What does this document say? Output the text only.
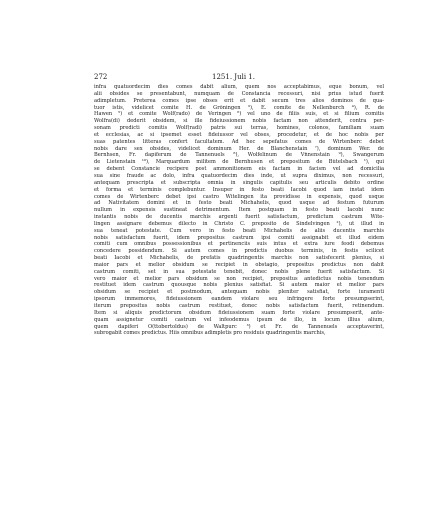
272	1251. Juli 1.
infra quatuordecim dies comes dabit alium, quem nos acceptabimus, eque bonum, vel
alii obsides se presentabunt, numquam de Constancia recessuri, nisi prius istud fuerit
adimpletum. Preterea comes ipse obses erit et dabit secum tres alios dominos de qua-
tuor istis, videlicet comite H. de Grőningen ³), E. comite de Nellenburch ⁴), R. de
Hawen ⁵) et comite Wolf(rado) de Veringen ⁶) vel uno de filiis suis, et si filium comitis
Wolfra(di) dederit obsidem, si ille fideiussionem nobis factam non attenderit, contra per-
sonam predicti comitis Wolf(radi) patris sui terras, homines, colonos, familiam suam
et ecclesias, ac si ipsemet esset fideiussor vel obses, procedetur, et de hoc nobis per
suas patentes litteras confert facultatem. Ad hec sepefatus comes de Wirtenberc debet
nobis dare sex obsides, videlicet dominum Her. de Blanchenstain ⁷), dominum Wer. de
Bernhsen, Fr. dapiferum de Tannenuels ⁸), Wolfelinum de Vňnenstain ⁹), Swangerum
de Lietenstain ¹⁰), Marquardum militem de Bernhusen et prepositum de Bŭtelsbach ¹), qui
se debent Constancie recipere post ammonitionem eis factam in facism vel ad domicilia
sua sine fraude ac dolo, infra quatuordecim dies inde, ut supra diximus, non recessuri,
antequam prescripta et subscripta omnia in singulis capitulis seu articulis debito ordine
et forma et terminis complebuntur. Insuper in festo beati Iacobi quod iam instat idem
comes de Wirtenberc debet ipsi castro Witelingen ita providisse in expensis, quod usque
ad Nativitatem domini et in festo beati Michahelis, quod usque ad festum futurum
nullum in expensis sustineat detrimentum. Item postquam in festo beati Iacobi nunc
instantis nobis de ducentis marchis argenti fuerit satisfactum, predictum castrum Wite-
lingen assignare debemus dilecto in Christo C. preposito de Sindelvingen ²), ut illud in
sua teneat potestate. Cum vero in festo beati Michahelis de aliis ducentis marchis
nobis satisfactum fuerit, idem prepositus castrum ipsi comiti assignabit et illud eidem
comiti cum omnibus possessionibus et pertinenciis suis intus et extra iure feodi debemus
concedere possidendum. Si autem comes in predictis duobus terminis, in festis scilicet
beati Iacobi et Michahelis, de prefatis quadringentis marchis non satisfecerit plenius, si
maior pars et melior obsidum se recipiet in obstagio, prepositus predictus non dabit
castrum comiti, set in sua potestate tenebit, donec nobis plene fuerit satisfactum. Si
vero maior et melior pars obsidum se non recipiet, prepositus antedictus nobis tenendum
restituet idem castrum quousque nobis plenius satisfiat. Si autem maior et melior pars
obsidum se recipiet et postmodum, antequam nobis pleniter satisfiat, forte iuramenti
ipsorum immemores, fideiussionem eandem violare seu infringere forte presumpserint,
iterum prepositus nobis castrum restituet, donec nobis satisfactum fuerit, retinendum.
Item si aliquis predictorum obsidum fideiussionem suam forte violare presumpserit, ante-
quam assignetur comiti castrum vel infeodemus ipsum de illo, in locum illius alium,
quem dapiferi O(ttobertoldus) de Waltpurc ³) et Fr. de Tannenuels acceptaverint,
subrogabit comes predictus. Hiis omnibus adimpletis pro residuis quadringentis marchis,
